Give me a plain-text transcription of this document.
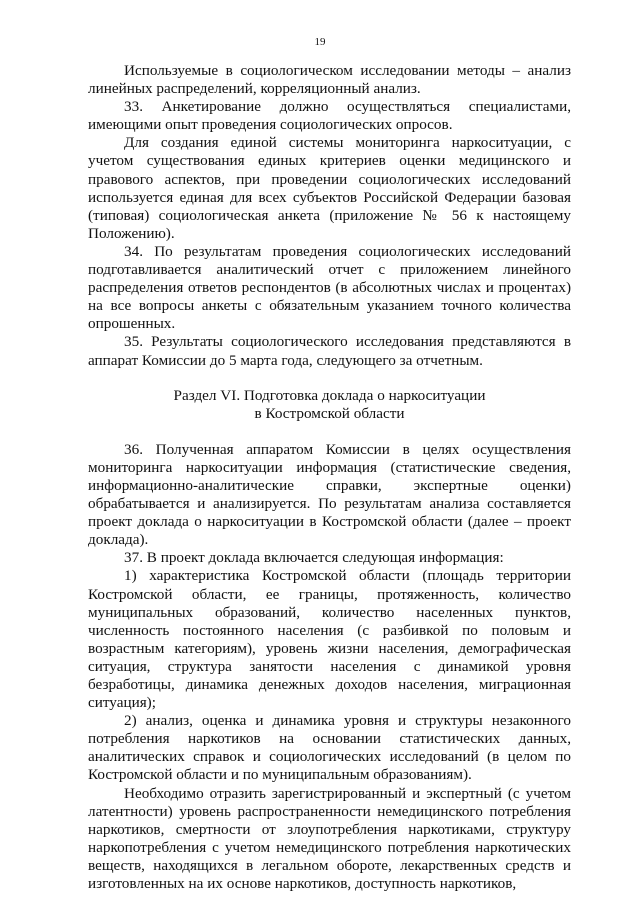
19

Используемые в социологическом исследовании методы – анализ линейных распределений, корреляционный анализ.

33. Анкетирование должно осуществляться специалистами, имеющими опыт проведения социологических опросов.

Для создания единой системы мониторинга наркоситуации, с учетом существования единых критериев оценки медицинского и правового аспектов, при проведении социологических исследований используется единая для всех субъектов Российской Федерации базовая (типовая) социологическая анкета (приложение № 56 к настоящему Положению).

34. По результатам проведения социологических исследований подготавливается аналитический отчет с приложением линейного распределения ответов респондентов (в абсолютных числах и процентах) на все вопросы анкеты с обязательным указанием точного количества опрошенных.

35. Результаты социологического исследования представляются в аппарат Комиссии до 5 марта года, следующего за отчетным.

Раздел VI. Подготовка доклада о наркоситуации
в Костромской области

36. Полученная аппаратом Комиссии в целях осуществления мониторинга наркоситуации информация (статистические сведения, информационно-аналитические справки, экспертные оценки) обрабатывается и анализируется. По результатам анализа составляется проект доклада о наркоситуации в Костромской области (далее – проект доклада).

37. В проект доклада включается следующая информация:

1) характеристика Костромской области (площадь территории Костромской области, ее границы, протяженность, количество муниципальных образований, количество населенных пунктов, численность постоянного населения (с разбивкой по половым и возрастным категориям), уровень жизни населения, демографическая ситуация, структура занятости населения с динамикой уровня безработицы, динамика денежных доходов населения, миграционная ситуация);

2) анализ, оценка и динамика уровня и структуры незаконного потребления наркотиков на основании статистических данных, аналитических справок и социологических исследований (в целом по Костромской области и по муниципальным образованиям).

Необходимо отразить зарегистрированный и экспертный (с учетом латентности) уровень распространенности немедицинского потребления наркотиков, смертности от злоупотребления наркотиками, структуру наркопотребления с учетом немедицинского потребления наркотических веществ, находящихся в легальном обороте, лекарственных средств и изготовленных на их основе наркотиков, доступность наркотиков,
